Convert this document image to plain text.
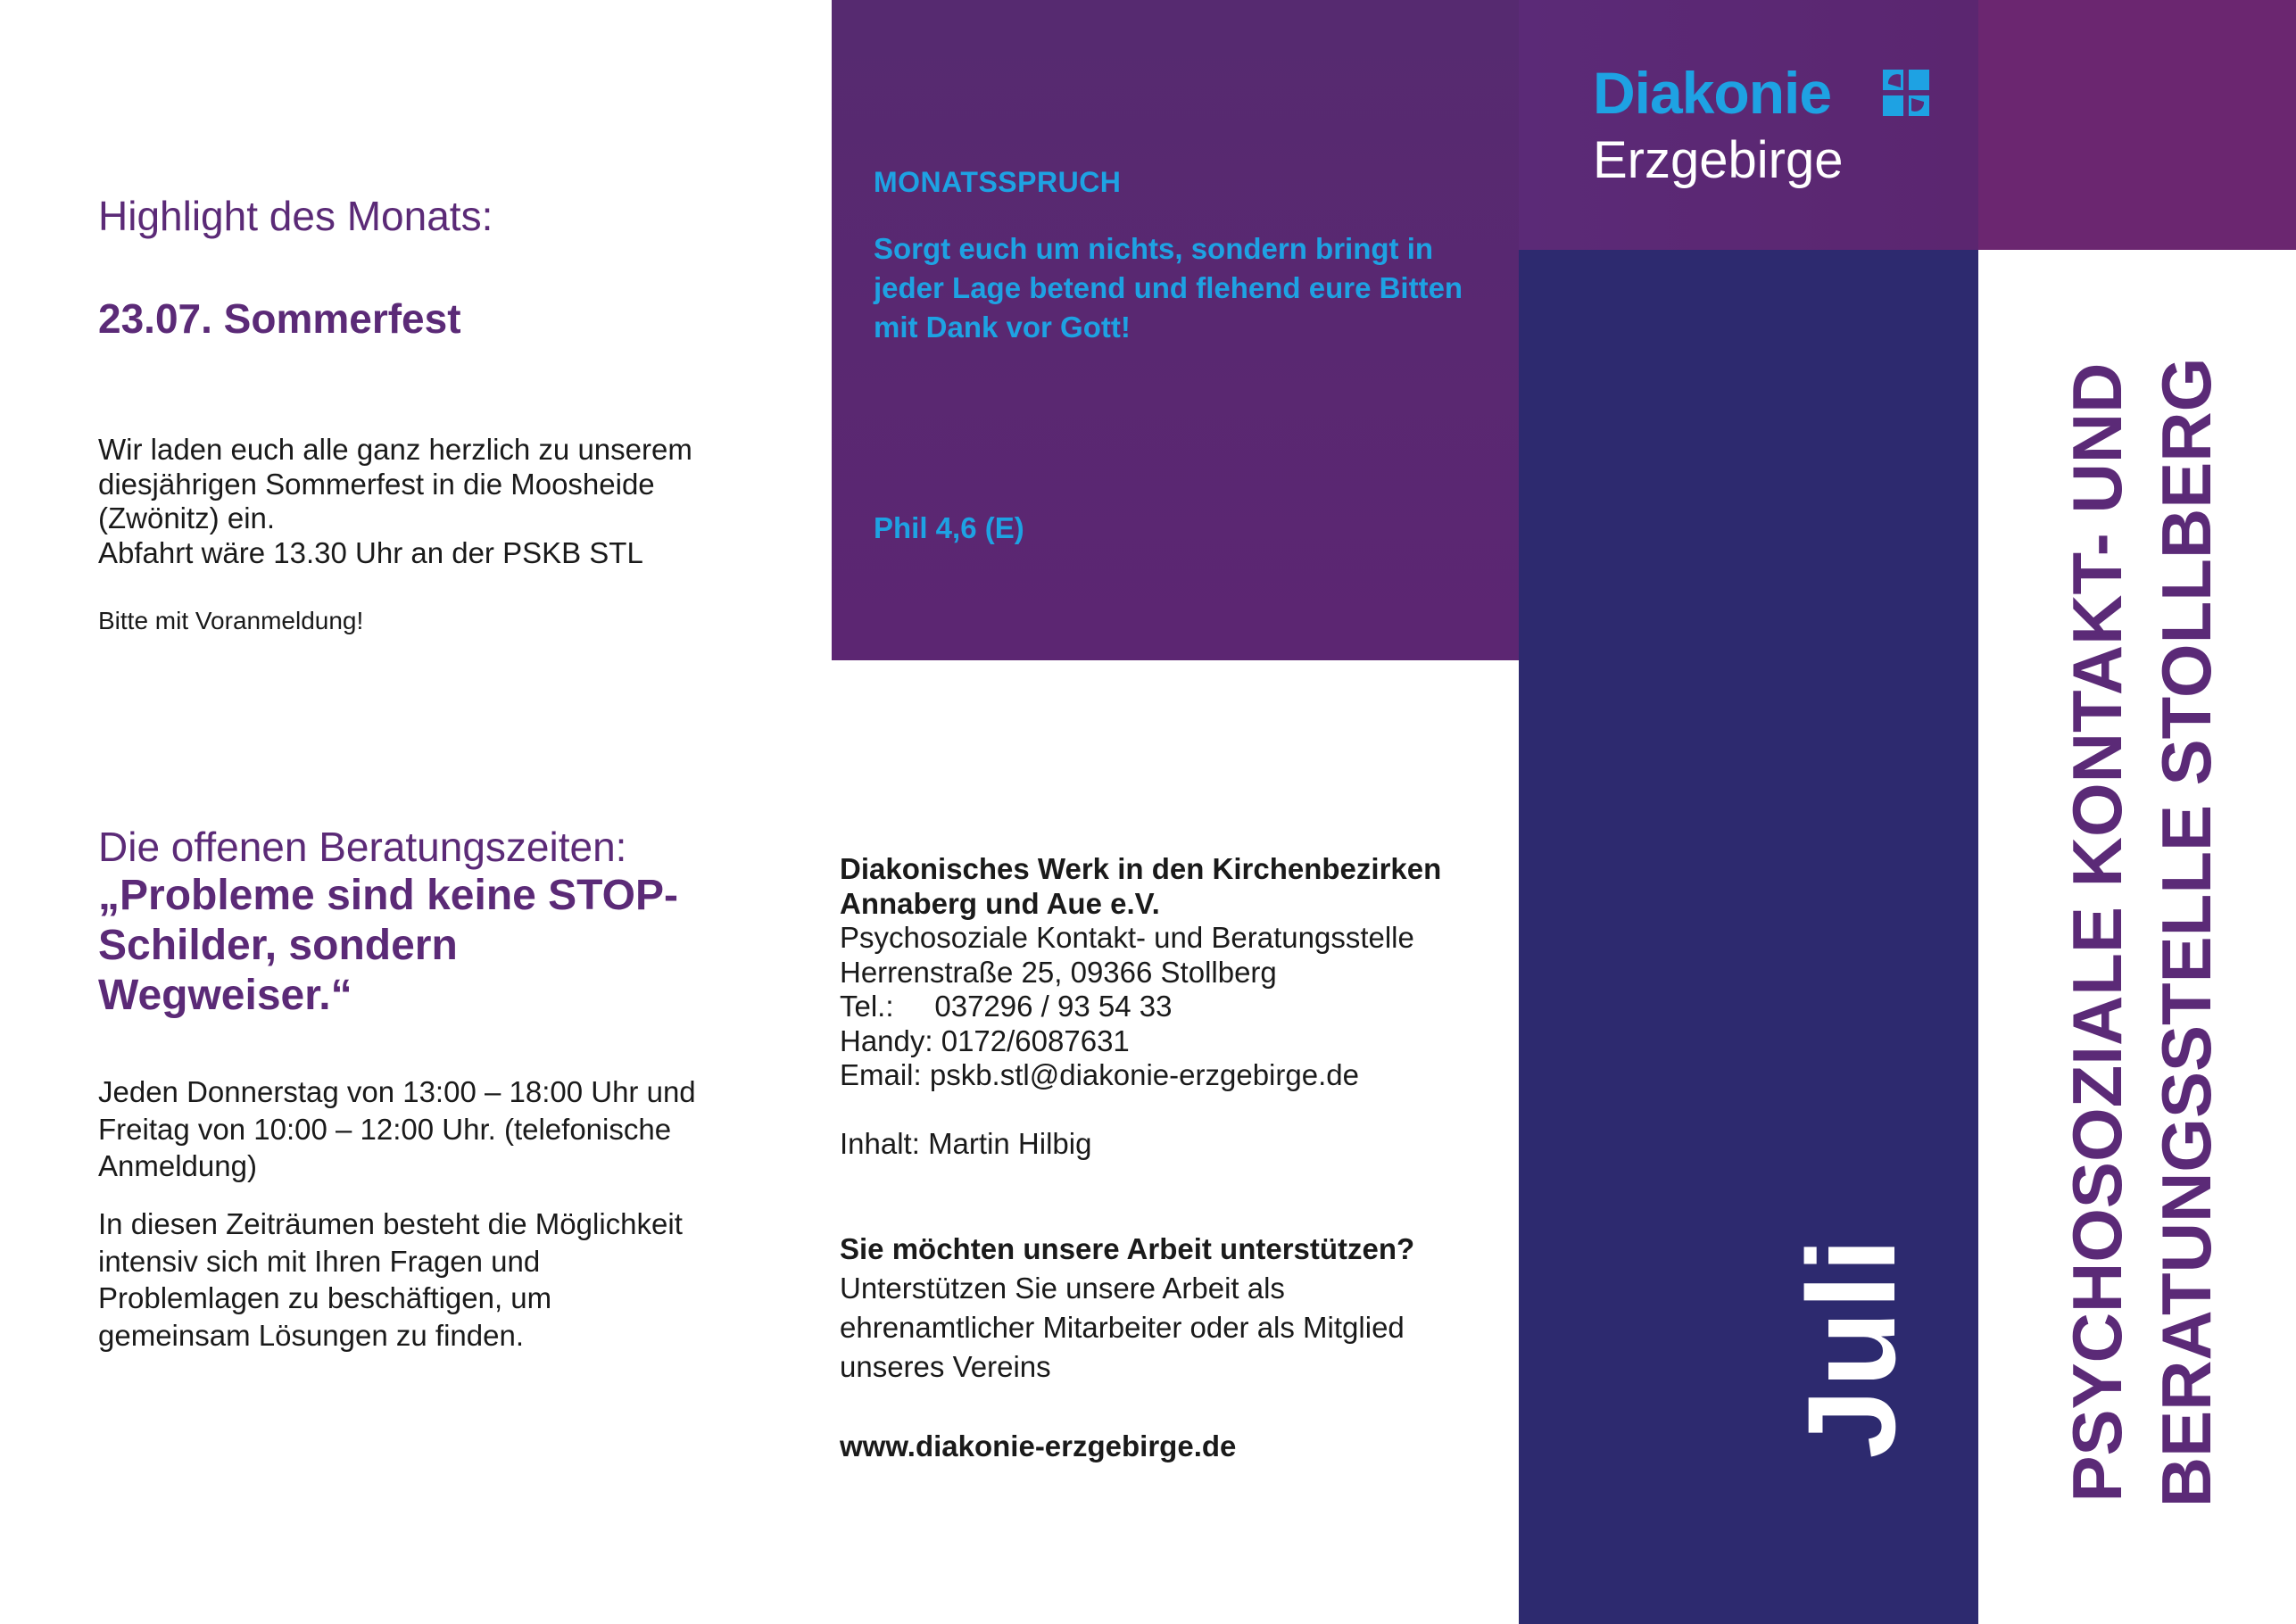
Highlight des Monats:
23.07. Sommerfest

Wir laden euch alle ganz herzlich zu unserem

diesjährigen Sommerfest in die Moosheide

(Zwönitz) ein.

Abfahrt wäre 13.30 Uhr an der PSKB STL

Bitte mit Voranmeldung!
Die offenen Beratungszeiten:
„Probleme sind keine STOP-
Schilder, sondern
Wegweiser.“
Jeden Donnerstag von 13:00 – 18:00 Uhr und
Freitag von 10:00 – 12:00 Uhr. (telefonische
Anmeldung)
In diesen Zeiträumen besteht die Möglichkeit
intensiv sich mit Ihren Fragen und
Problemlagen zu beschäftigen, um
gemeinsam Lösungen zu finden.
MONATSSPRUCH
Sorgt euch um nichts, sondern bringt in
jeder Lage betend und flehend eure Bitten
mit Dank vor Gott!
Phil 4,6 (E)
Diakonisches Werk in den Kirchenbezirken
Annaberg und Aue e.V.
Psychosoziale Kontakt- und Beratungsstelle
Herrenstraße 25, 09366 Stollberg
Tel.:     037296 / 93 54 33
Handy: 0172/6087631
Email: pskb.stl@diakonie-erzgebirge.de
Inhalt: Martin Hilbig
Sie möchten unsere Arbeit unterstützen?
Unterstützen Sie unsere Arbeit als
ehrenamtlicher Mitarbeiter oder als Mitglied
unseres Vereins
www.diakonie-erzgebirge.de
Diakonie
Erzgebirge
Juli PSYCHOSOZIALE KONTAKT- UND BERATUNGSSTELLE STOLLBERG
